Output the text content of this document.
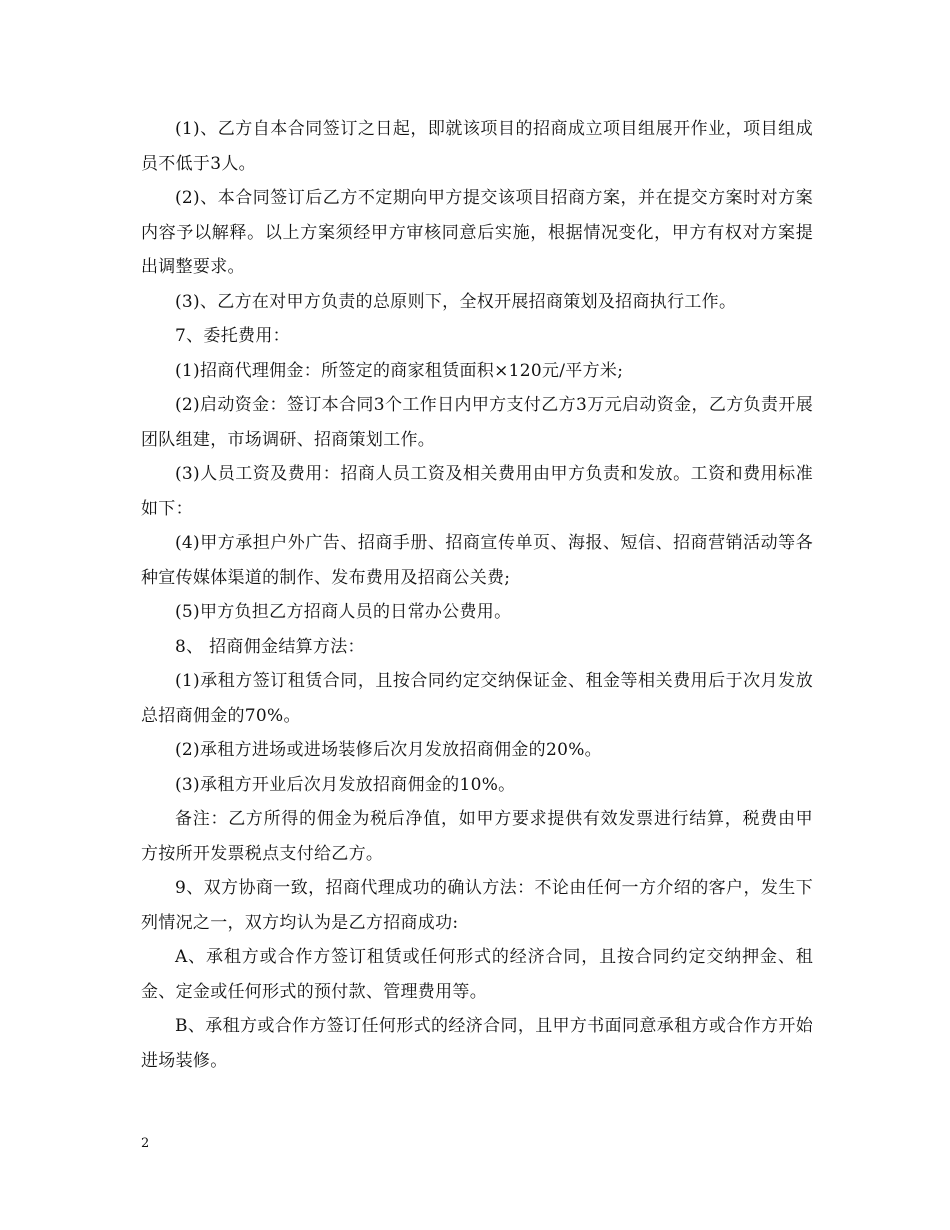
(1)、乙方自本合同签订之日起，即就该项目的招商成立项目组展开作业，项目组成员不低于3人。

(2)、本合同签订后乙方不定期向甲方提交该项目招商方案，并在提交方案时对方案内容予以解释。以上方案须经甲方审核同意后实施，根据情况变化，甲方有权对方案提出调整要求。

(3)、乙方在对甲方负责的总原则下，全权开展招商策划及招商执行工作。

7、委托费用：

(1)招商代理佣金：所签定的商家租赁面积×120元/平方米;

(2)启动资金：签订本合同3个工作日内甲方支付乙方3万元启动资金，乙方负责开展团队组建，市场调研、招商策划工作。

(3)人员工资及费用：招商人员工资及相关费用由甲方负责和发放。工资和费用标准如下：

(4)甲方承担户外广告、招商手册、招商宣传单页、海报、短信、招商营销活动等各种宣传媒体渠道的制作、发布费用及招商公关费;

(5)甲方负担乙方招商人员的日常办公费用。

8、 招商佣金结算方法：

(1)承租方签订租赁合同，且按合同约定交纳保证金、租金等相关费用后于次月发放总招商佣金的70%。

(2)承租方进场或进场装修后次月发放招商佣金的20%。

(3)承租方开业后次月发放招商佣金的10%。

备注：乙方所得的佣金为税后净值，如甲方要求提供有效发票进行结算，税费由甲方按所开发票税点支付给乙方。

9、双方协商一致，招商代理成功的确认方法：不论由任何一方介绍的客户，发生下列情况之一，双方均认为是乙方招商成功:

A、承租方或合作方签订租赁或任何形式的经济合同，且按合同约定交纳押金、租金、定金或任何形式的预付款、管理费用等。

B、承租方或合作方签订任何形式的经济合同，且甲方书面同意承租方或合作方开始进场装修。

2
